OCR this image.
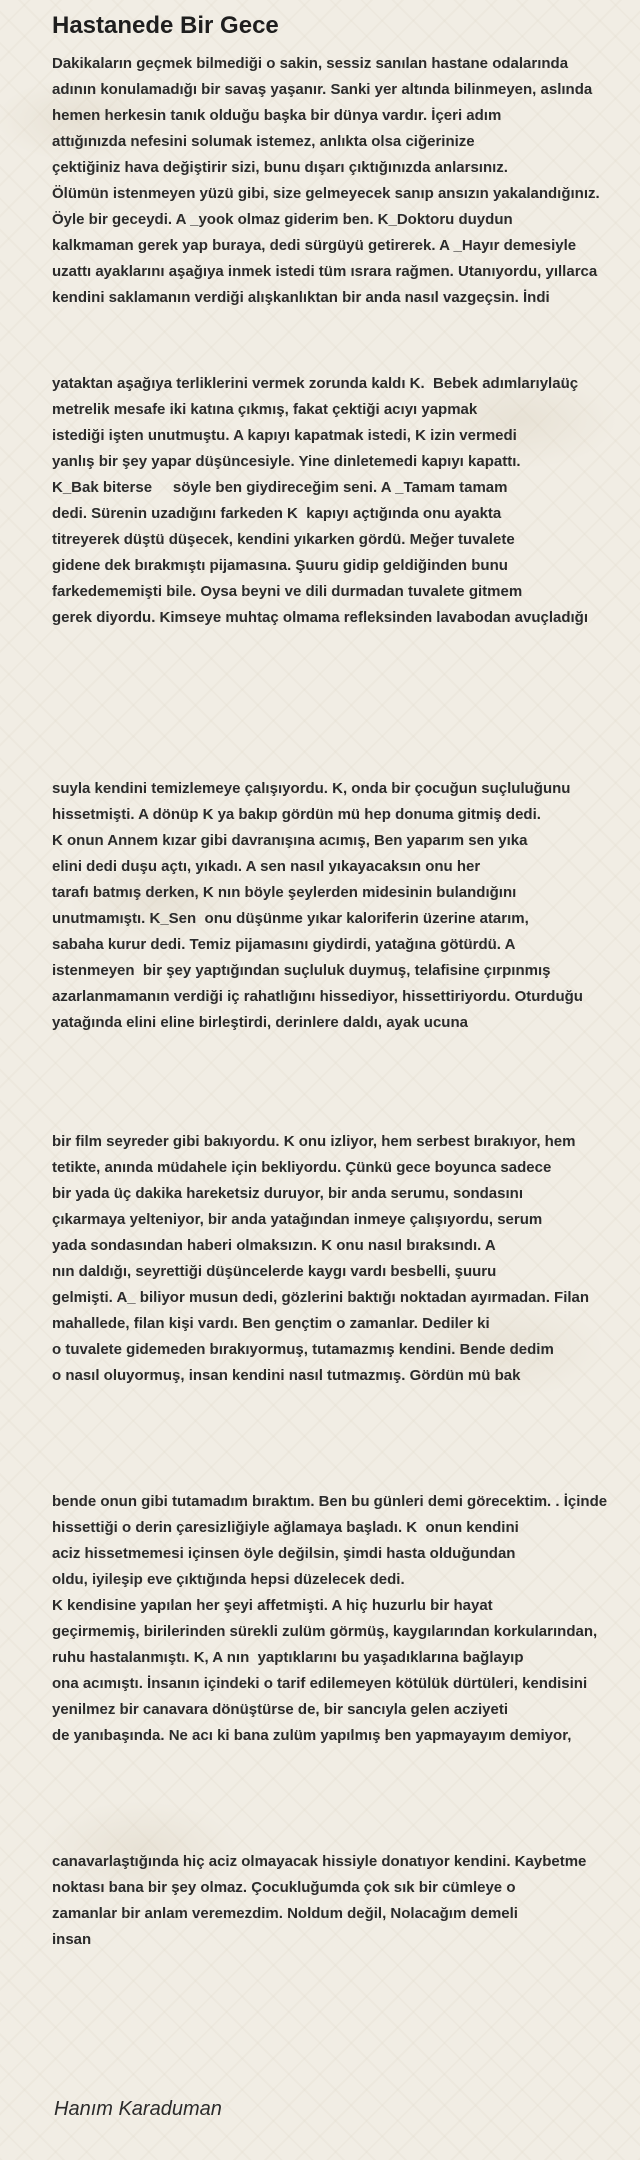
Hastanede Bir Gece
Dakikaların geçmek bilmediği o sakin, sessiz sanılan hastane odalarında
adının konulamadığı bir savaş yaşanır. Sanki yer altında bilinmeyen, aslında
hemen herkesin tanık olduğu başka bir dünya vardır. İçeri adım
attığınızda nefesini solumak istemez, anlıkta olsa ciğerinize
çektiğiniz hava değiştirir sizi, bunu dışarı çıktığınızda anlarsınız.
Ölümün istenmeyen yüzü gibi, size gelmeyecek sanıp ansızın yakalandığınız.
Öyle bir geceydi. A _yook olmaz giderim ben. K_Doktoru duydun
kalkmaman gerek yap buraya, dedi sürgüyü getirerek. A _Hayır demesiyle
uzattı ayaklarını aşağıya inmek istedi tüm ısrara rağmen. Utanıyordu, yıllarca
kendini saklamanın verdiği alışkanlıktan bir anda nasıl vazgeçsin. İndi
yataktan aşağıya terliklerini vermek zorunda kaldı K.  Bebek adımlarıylaüç
metrelik mesafe iki katına çıkmış, fakat çektiği acıyı yapmak
istediği işten unutmuştu. A kapıyı kapatmak istedi, K izin vermedi
yanlış bir şey yapar düşüncesiyle. Yine dinletemedi kapıyı kapattı.
K_Bak biterse     söyle ben giydireceğim seni. A _Tamam tamam
dedi. Sürenin uzadığını farkeden K  kapıyı açtığında onu ayakta
titreyerek düştü düşecek, kendini yıkarken gördü. Meğer tuvalete
gidene dek bırakmıştı pijamasına. Şuuru gidip geldiğinden bunu
farkedememişti bile. Oysa beyni ve dili durmadan tuvalete gitmem
gerek diyordu. Kimseye muhtaç olmama refleksinden lavabodan avuçladığı
suyla kendini temizlemeye çalışıyordu. K, onda bir çocuğun suçluluğunu
hissetmişti. A dönüp K ya bakıp gördün mü hep donuma gitmiş dedi.
K onun Annem kızar gibi davranışına acımış, Ben yaparım sen yıka
elini dedi duşu açtı, yıkadı. A sen nasıl yıkayacaksın onu her
tarafı batmış derken, K nın böyle şeylerden midesinin bulandığını
unutmamıştı. K_Sen  onu düşünme yıkar kaloriferin üzerine atarım,
sabaha kurur dedi. Temiz pijamasını giydirdi, yatağına götürdü. A
istenmeyen  bir şey yaptığından suçluluk duymuş, telafisine çırpınmış
azarlanmamanın verdiği iç rahatlığını hissediyor, hissettiriyordu. Oturduğu
yatağında elini eline birleştirdi, derinlere daldı, ayak ucuna
bir film seyreder gibi bakıyordu. K onu izliyor, hem serbest bırakıyor, hem
tetikte, anında müdahele için bekliyordu. Çünkü gece boyunca sadece
bir yada üç dakika hareketsiz duruyor, bir anda serumu, sondasını
çıkarmaya yelteniyor, bir anda yatağından inmeye çalışıyordu, serum
yada sondasından haberi olmaksızın. K onu nasıl bıraksındı. A
nın daldığı, seyrettiği düşüncelerde kaygı vardı besbelli, şuuru
gelmişti. A_ biliyor musun dedi, gözlerini baktığı noktadan ayırmadan. Filan
mahallede, filan kişi vardı. Ben gençtim o zamanlar. Dediler ki
o tuvalete gidemeden bırakıyormuş, tutamazmış kendini. Bende dedim
o nasıl oluyormuş, insan kendini nasıl tutmazmış. Gördün mü bak
bende onun gibi tutamadım bıraktım. Ben bu günleri demi görecektim. . İçinde
hissettiği o derin çaresizliğiyle ağlamaya başladı. K  onun kendini
aciz hissetmemesi içinsen öyle değilsin, şimdi hasta olduğundan
oldu, iyileşip eve çıktığında hepsi düzelecek dedi.
K kendisine yapılan her şeyi affetmişti. A hiç huzurlu bir hayat
geçirmemiş, birilerinden sürekli zulüm görmüş, kaygılarından korkularından,
ruhu hastalanmıştı. K, A nın  yaptıklarını bu yaşadıklarına bağlayıp
ona acımıştı. İnsanın içindeki o tarif edilemeyen kötülük dürtüleri, kendisini
yenilmez bir canavara dönüştürse de, bir sancıyla gelen acziyeti
de yanıbaşında. Ne acı ki bana zulüm yapılmış ben yapmayayım demiyor,
canavarlaştığında hiç aciz olmayacak hissiyle donatıyor kendini. Kaybetme
noktası bana bir şey olmaz. Çocukluğumda çok sık bir cümleye o
zamanlar bir anlam veremezdim. Noldum değil, Nolacağım demeli
insan
Hanım Karaduman
